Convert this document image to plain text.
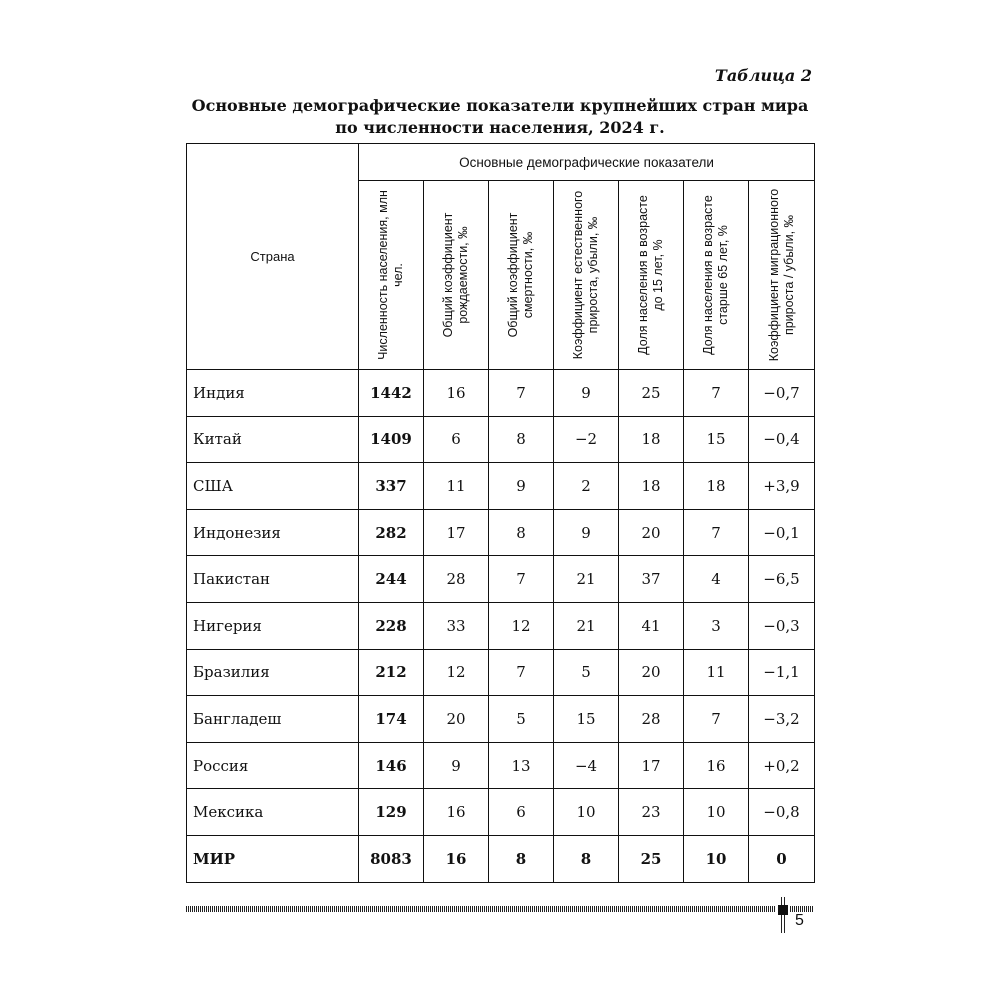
Таблица 2
Основные демографические показатели крупнейших стран мира
по численности населения, 2024 г.
Страна	Основные демографические показатели						

	Численность населения, млн чел.	Общий коэффициент рождаемости, ‰	Общий коэффициент смертности, ‰	Коэффициент естественного прироста, убыли, ‰	Доля населения в возрасте до 15 лет, %	Доля населения в возрасте старше 65 лет, %	Коэффициент миграционного прироста / убыли, ‰

Индия	1442	16	7	9	25	7	−0,7
Китай	1409	6	8	−2	18	15	−0,4
США	337	11	9	2	18	18	+3,9
Индонезия	282	17	8	9	20	7	−0,1
Пакистан	244	28	7	21	37	4	−6,5
Нигерия	228	33	12	21	41	3	−0,3
Бразилия	212	12	7	5	20	11	−1,1
Бангладеш	174	20	5	15	28	7	−3,2
Россия	146	9	13	−4	17	16	+0,2
Мексика	129	16	6	10	23	10	−0,8
МИР	8083	16	8	8	25	10	0
5
